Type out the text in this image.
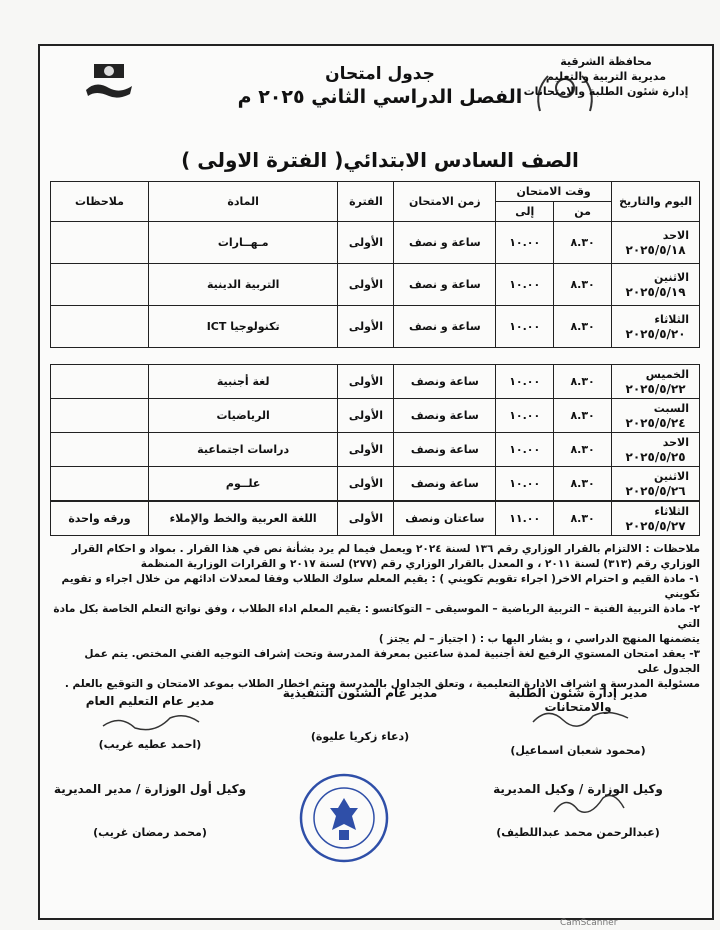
محافظة الشرقية
مديرية التربية والتعليم
إدارة شئون الطلبة والامتحانات
جدول امتحان
الفصل الدراسي الثاني ٢٠٢٥ م
الصف السادس الابتدائي( الفترة الاولى )
اليوم والتاريخ	وقت الامتحان		زمن الامتحان	الفترة	المادة	ملاحظات
	من	إلى				

الاحد
٢٠٢٥/٥/١٨	٨.٣٠	١٠.٠٠	ساعة و نصف	الأولى	مـهــارات	

الاثنين
٢٠٢٥/٥/١٩	٨.٣٠	١٠.٠٠	ساعة و نصف	الأولى	التربية الدينية	

الثلاثاء
٢٠٢٥/٥/٢٠	٨.٣٠	١٠.٠٠	ساعة و نصف	الأولى	تكنولوجيا ICT	
الخميس
٢٠٢٥/٥/٢٢	٨.٣٠	١٠.٠٠	ساعة ونصف	الأولى	لغة أجنبية	

السبت
٢٠٢٥/٥/٢٤	٨.٣٠	١٠.٠٠	ساعة ونصف	الأولى	الرياضيات	

الاحد
٢٠٢٥/٥/٢٥	٨.٣٠	١٠.٠٠	ساعة ونصف	الأولى	دراسات اجتماعية	

الاثنين
٢٠٢٥/٥/٢٦	٨.٣٠	١٠.٠٠	ساعة ونصف	الأولى	علــوم	
الثلاثاء
٢٠٢٥/٥/٢٧
	٨.٣٠	١١.٠٠	ساعتان ونصف	الأولى	اللغة العربية والخط والإملاء	ورقه واحدة

ملاحظات : الالتزام بالقرار الوزاري رقم ١٣٦ لسنة ٢٠٢٤ ويعمل فيما لم يرد بشأنة نص في هذا القرار . بمواد و احكام القرار

الوزاري رقم (٣١٣) لسنة ٢٠١١ ، و المعدل بالقرار الوزاري رقم (٢٧٧) لسنة ٢٠١٧ و القرارات الوزارية المنظمة

١- مادة القيم و احترام الاخر( اجراء تقويم تكويني ) : يقيم المعلم سلوك الطلاب وفقا لمعدلات ادائهم من خلال اجراء و تقويم تكويني

٢- مادة التربية الفنية – التربية الرياضية – الموسيقى – التوكاتسو : يقيم المعلم اداء الطلاب ، وفق نواتج التعلم الخاصة بكل مادة التي

يتضمنها المنهج الدراسي ، و يشار اليها ب : ( اجتياز – لم يجتز )

٣- يعقد امتحان المستوي الرفيع لغة أجنبية لمدة ساعتين بمعرفة المدرسة وتحت إشراف التوجيه الفني المختص. يتم عمل الجدول على

مسئولية المدرسة و اشراف الادارة التعليمية ، وتعلق الجداول بالمدرسة ويتم اخطار الطلاب بموعد الامتحان و التوقيع بالعلم .

مدير إدارة شئون الطلبة والامتحانات
(محمود شعبان اسماعيل)
مدير عام الشئون التنفيذية
(دعاء زكريا عليوة)
مدير عام التعليم العام
(احمد عطيه غريب)
وكيل الوزارة / وكيل المديرية
(عبدالرحمن محمد عبداللطيف)
وكيل أول الوزارة / مدير المديرية
(محمد رمضان غريب)
CamScanner
